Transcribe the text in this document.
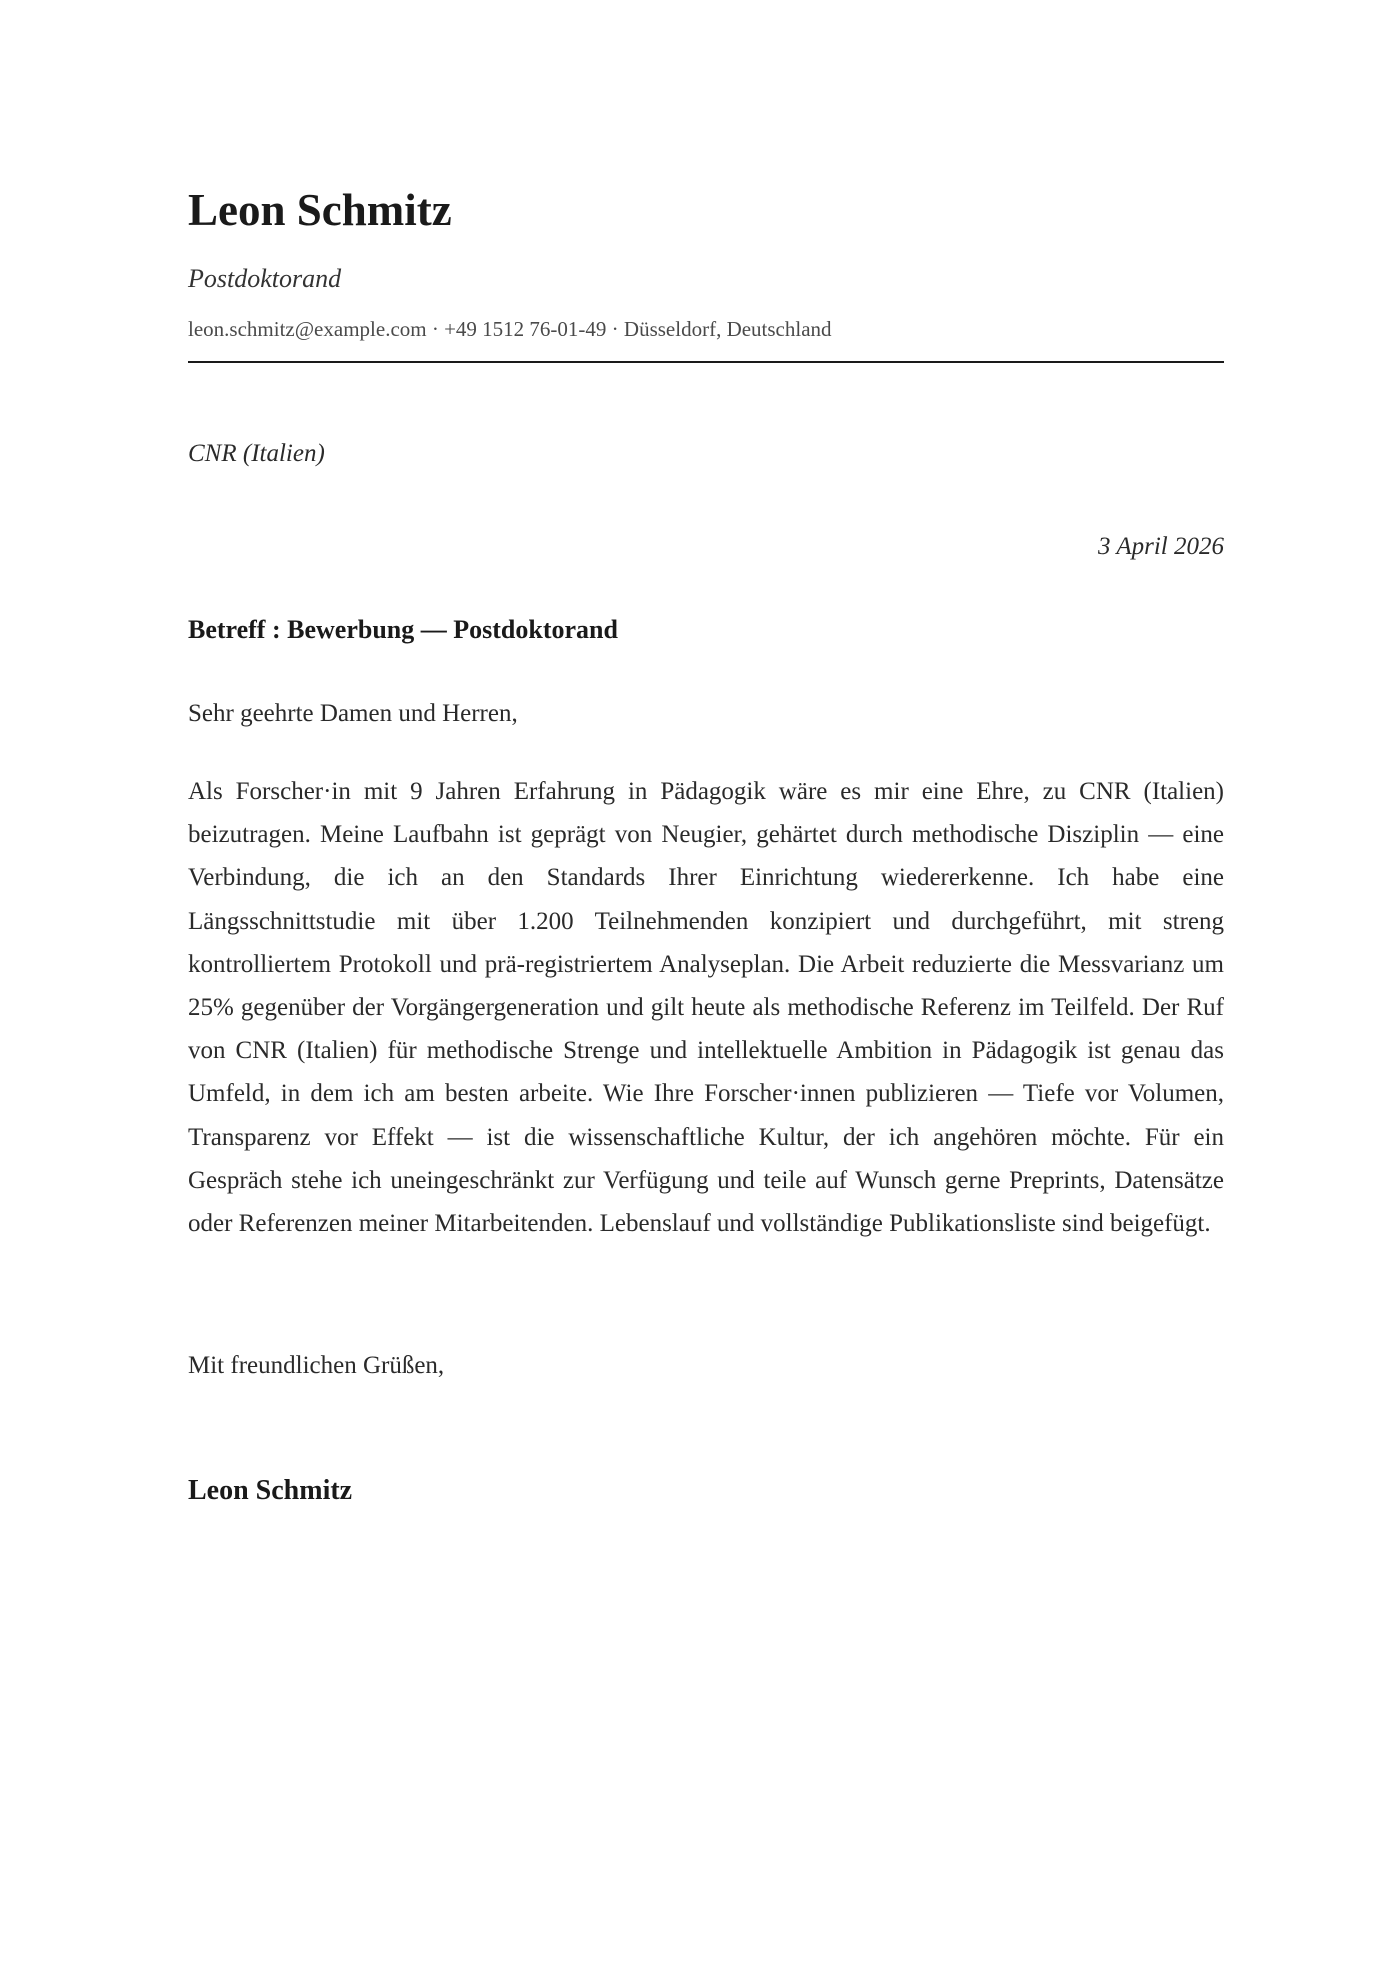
Leon Schmitz
Postdoktorand
leon.schmitz@example.com · +49 1512 76-01-49 · Düsseldorf, Deutschland
CNR (Italien)
3 April 2026
Betreff : Bewerbung — Postdoktorand
Sehr geehrte Damen und Herren,

Als Forscher·in mit 9 Jahren Erfahrung in Pädagogik wäre es mir eine Ehre, zu CNR (Italien) beizutragen. Meine Laufbahn ist geprägt von Neugier, gehärtet durch methodische Disziplin — eine Verbindung, die ich an den Standards Ihrer Einrichtung wiedererkenne. Ich habe eine Längsschnittstudie mit über 1.200 Teilnehmenden konzipiert und durchgeführt, mit streng kontrolliertem Protokoll und prä-registriertem Analyseplan. Die Arbeit reduzierte die Messvarianz um 25% gegenüber der Vorgängergeneration und gilt heute als methodische Referenz im Teilfeld. Der Ruf von CNR (Italien) für methodische Strenge und intellektuelle Ambition in Pädagogik ist genau das Umfeld, in dem ich am besten arbeite. Wie Ihre Forscher·innen publizieren — Tiefe vor Volumen, Transparenz vor Effekt — ist die wissenschaftliche Kultur, der ich angehören möchte. Für ein Gespräch stehe ich uneingeschränkt zur Verfügung und teile auf Wunsch gerne Preprints, Datensätze oder Referenzen meiner Mitarbeitenden. Lebenslauf und vollständige Publikationsliste sind beigefügt.

Mit freundlichen Grüßen,
Leon Schmitz
